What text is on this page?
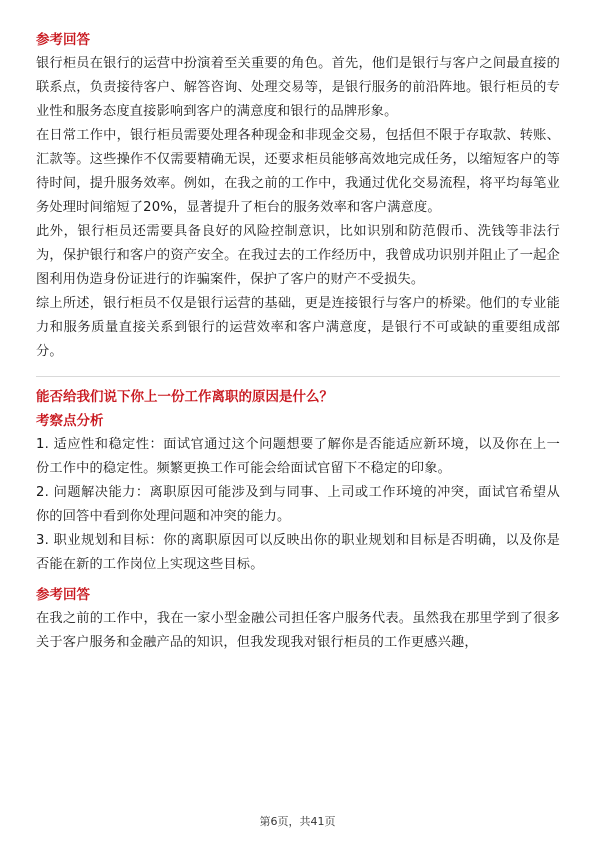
参考回答

银行柜员在银行的运营中扮演着至关重要的角色。首先，他们是银行与客户之间最直接的联系点，负责接待客户、解答咨询、处理交易等，是银行服务的前沿阵地。银行柜员的专业性和服务态度直接影响到客户的满意度和银行的品牌形象。

在日常工作中，银行柜员需要处理各种现金和非现金交易，包括但不限于存取款、转账、汇款等。这些操作不仅需要精确无误，还要求柜员能够高效地完成任务，以缩短客户的等待时间，提升服务效率。例如，在我之前的工作中，我通过优化交易流程，将平均每笔业务处理时间缩短了20%，显著提升了柜台的服务效率和客户满意度。

此外，银行柜员还需要具备良好的风险控制意识，比如识别和防范假币、洗钱等非法行为，保护银行和客户的资产安全。在我过去的工作经历中，我曾成功识别并阻止了一起企图利用伪造身份证进行的诈骗案件，保护了客户的财产不受损失。

综上所述，银行柜员不仅是银行运营的基础，更是连接银行与客户的桥梁。他们的专业能力和服务质量直接关系到银行的运营效率和客户满意度，是银行不可或缺的重要组成部分。

能否给我们说下你上一份工作离职的原因是什么？
考察点分析

1. 适应性和稳定性：面试官通过这个问题想要了解你是否能适应新环境，以及你在上一份工作中的稳定性。频繁更换工作可能会给面试官留下不稳定的印象。

2. 问题解决能力：离职原因可能涉及到与同事、上司或工作环境的冲突，面试官希望从你的回答中看到你处理问题和冲突的能力。

3. 职业规划和目标：你的离职原因可以反映出你的职业规划和目标是否明确，以及你是否能在新的工作岗位上实现这些目标。

参考回答

在我之前的工作中，我在一家小型金融公司担任客户服务代表。虽然我在那里学到了很多关于客户服务和金融产品的知识，但我发现我对银行柜员的工作更感兴趣，

第6页，共41页
